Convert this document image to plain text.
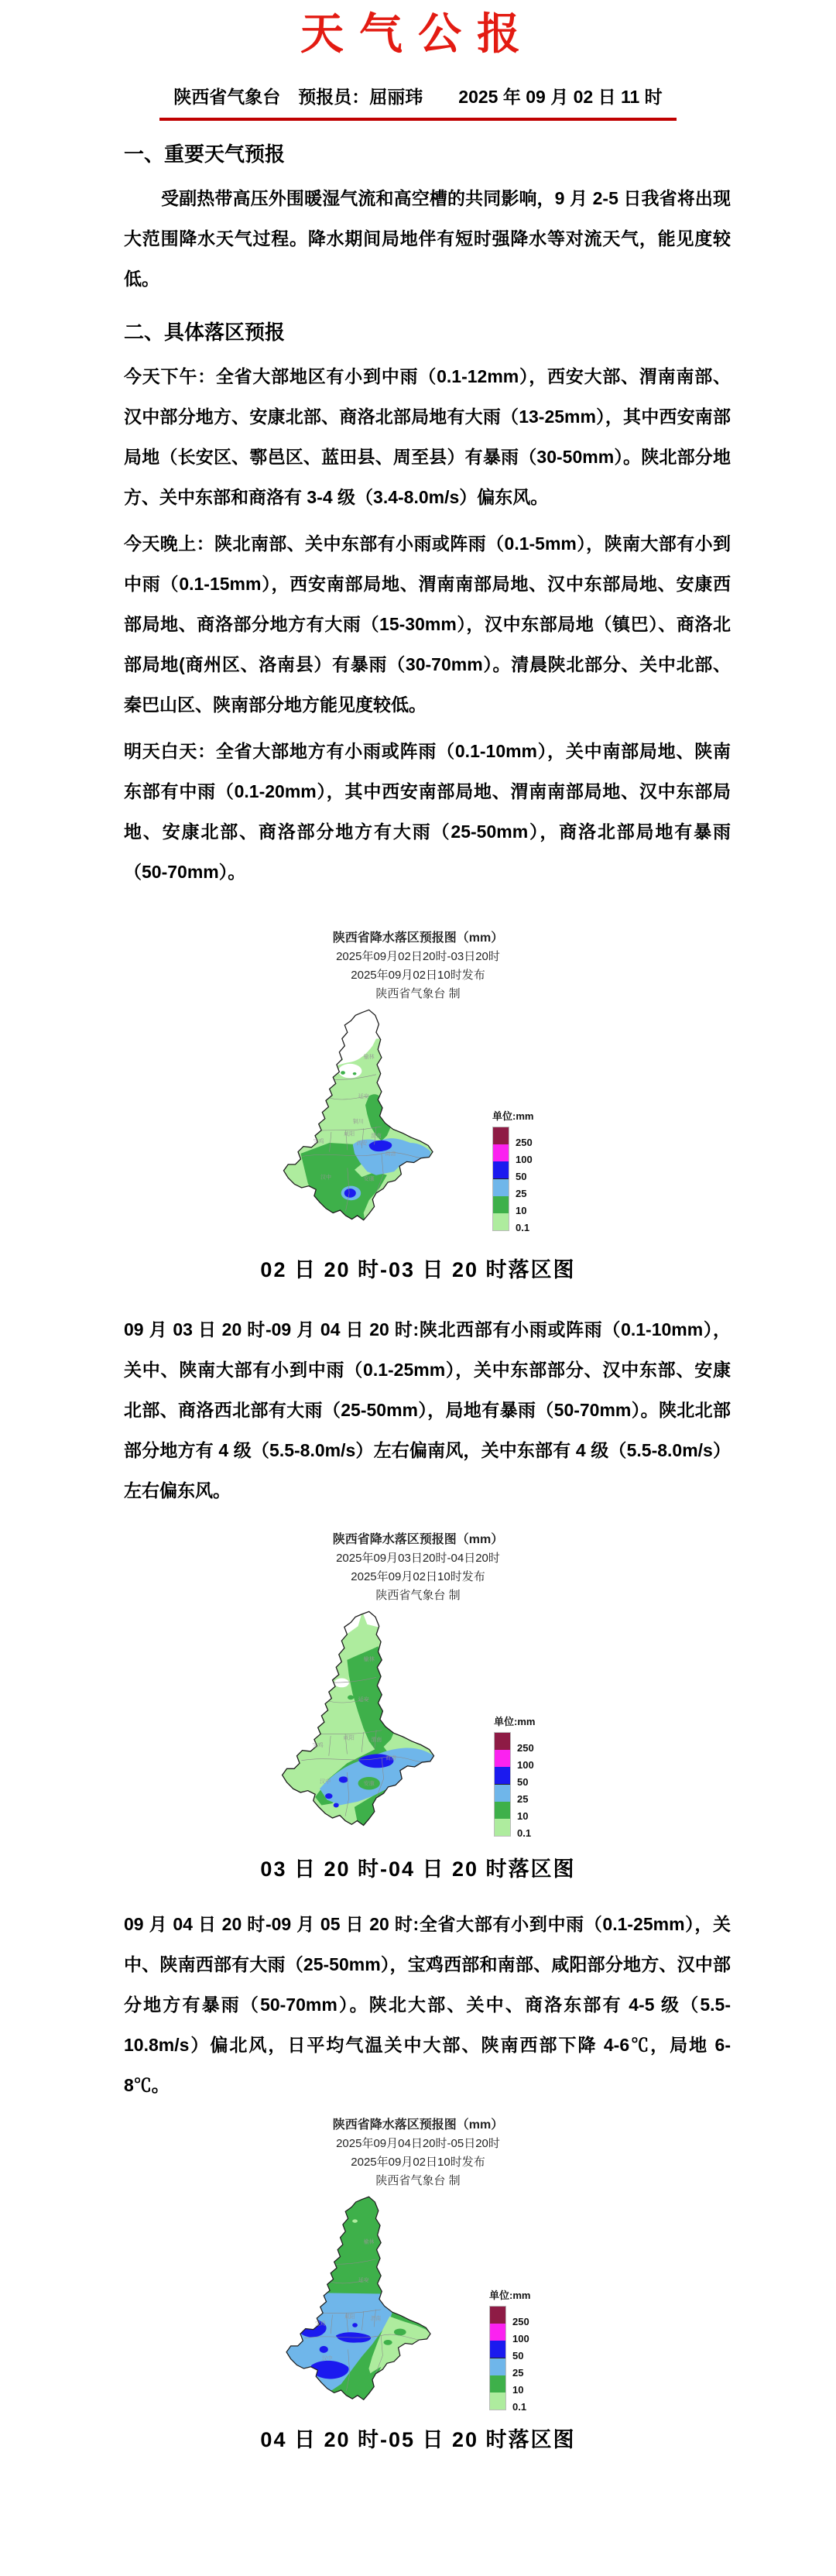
天气公报
陕西省气象台　预报员：屈丽玮　　2025 年 09 月 02 日 11 时
一、重要天气预报

受副热带高压外围暖湿气流和高空槽的共同影响，9 月 2-5 日我省将出现大范围降水天气过程。降水期间局地伴有短时强降水等对流天气，能见度较低。

二、具体落区预报

今天下午：全省大部地区有小到中雨（0.1-12mm），西安大部、渭南南部、汉中部分地方、安康北部、商洛北部局地有大雨（13-25mm），其中西安南部局地（长安区、鄠邑区、蓝田县、周至县）有暴雨（30-50mm）。陕北部分地方、关中东部和商洛有 3-4 级（3.4-8.0m/s）偏东风。

今天晚上：陕北南部、关中东部有小雨或阵雨（0.1-5mm），陕南大部有小到中雨（0.1-15mm），西安南部局地、渭南南部局地、汉中东部局地、安康西部局地、商洛部分地方有大雨（15-30mm），汉中东部局地（镇巴）、商洛北部局地(商州区、洛南县）有暴雨（30-70mm）。清晨陕北部分、关中北部、秦巴山区、陕南部分地方能见度较低。

明天白天：全省大部地方有小雨或阵雨（0.1-10mm），关中南部局地、陕南东部有中雨（0.1-20mm），其中西安南部局地、渭南南部局地、汉中东部局地、安康北部、商洛部分地方有大雨（25-50mm），商洛北部局地有暴雨（50-70mm）。

陕西省降水落区预报图（mm）

2025年09月02日20时-03日20时

2025年09月02日10时发布

陕西省气象台 制

榆林
延安
咸阳
铜川
渭南
宝鸡	西安
商洛
汉中	安康
单位:mm
250
100
50
25
10
0.1
02 日 20 时-03 日 20 时落区图

09 月 03 日 20 时-09 月 04 日 20 时:陕北西部有小雨或阵雨（0.1-10mm），关中、陕南大部有小到中雨（0.1-25mm），关中东部部分、汉中东部、安康北部、商洛西北部有大雨（25-50mm），局地有暴雨（50-70mm）。陕北北部部分地方有 4 级（5.5-8.0m/s）左右偏南风，关中东部有 4 级（5.5-8.0m/s）左右偏东风。

陕西省降水落区预报图（mm）

2025年09月03日20时-04日20时

2025年09月02日10时发布

陕西省气象台 制

榆林
延安
咸阳	渭南
宝鸡
汉中	安康
商洛
单位:mm
250
100
50
25
10
0.1
03 日 20 时-04 日 20 时落区图

09 月 04 日 20 时-09 月 05 日 20 时:全省大部有小到中雨（0.1-25mm），关中、陕南西部有大雨（25-50mm），宝鸡西部和南部、咸阳部分地方、汉中部分地方有暴雨（50-70mm）。陕北大部、关中、商洛东部有 4-5 级（5.5-10.8m/s）偏北风，日平均气温关中大部、陕南西部下降 4-6℃，局地 6-8℃。

陕西省降水落区预报图（mm）

2025年09月04日20时-05日20时

2025年09月02日10时发布

陕西省气象台 制

榆林
延安
咸阳	渭南
宝鸡
汉中
单位:mm
250
100
50
25
10
0.1
04 日 20 时-05 日 20 时落区图
